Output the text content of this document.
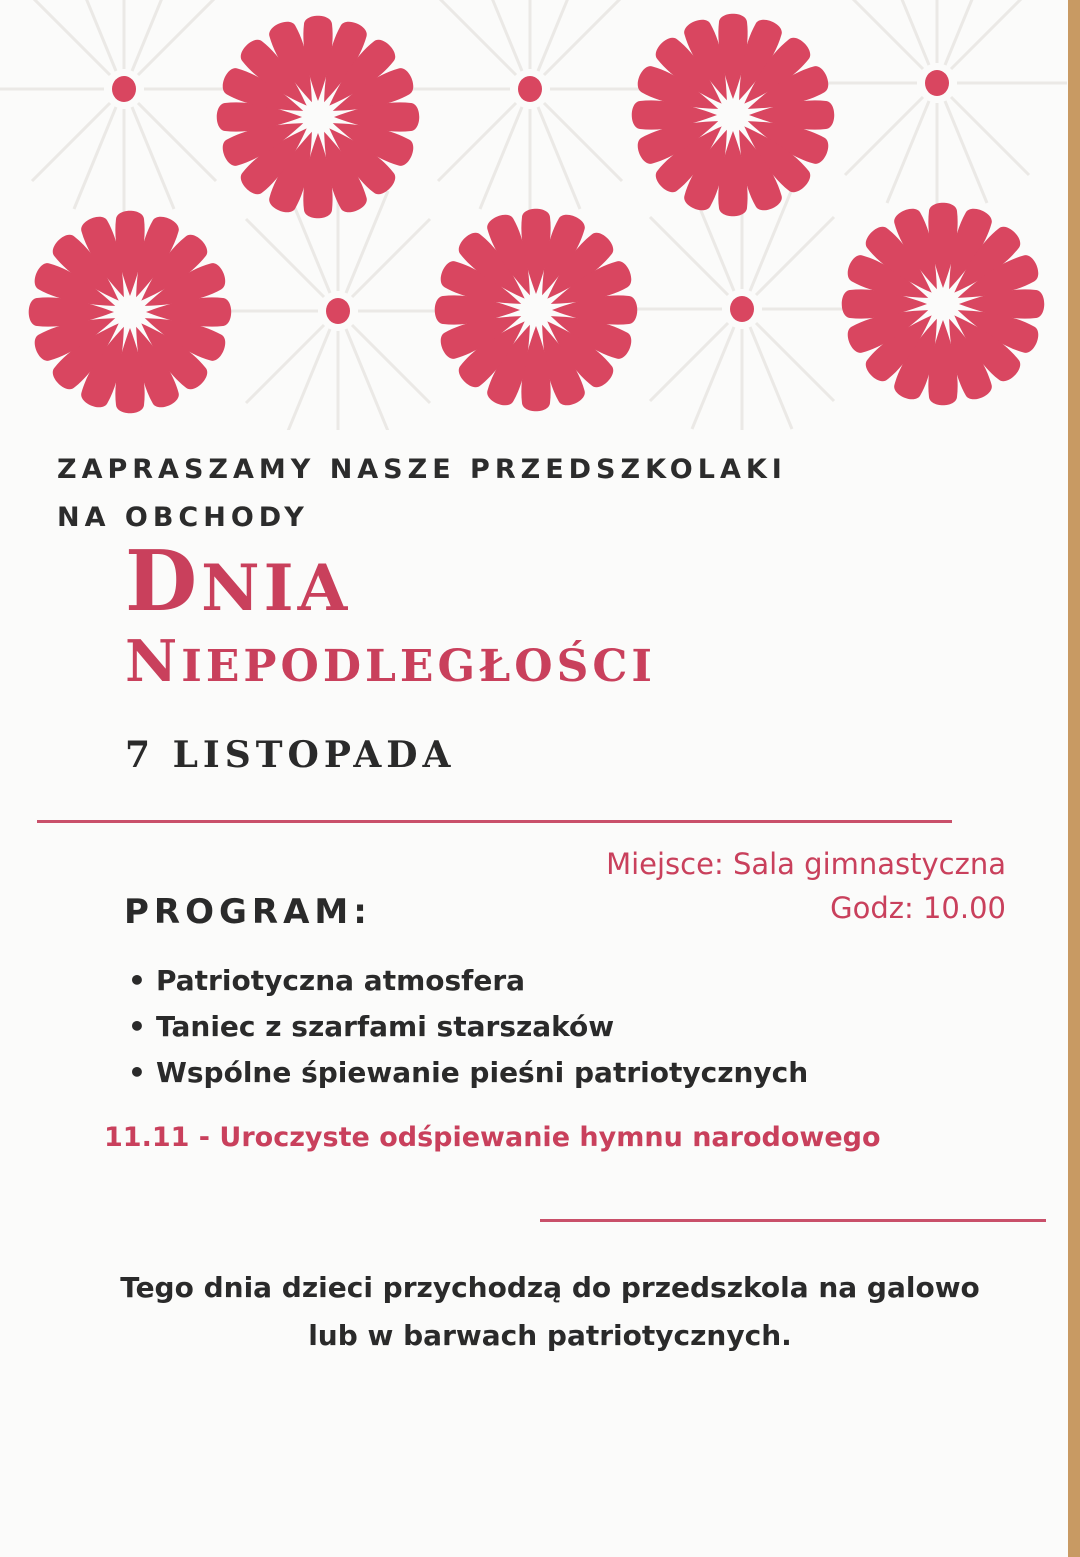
ZAPRASZAMY NASZE PRZEDSZKOLAKI
NA OBCHODY

DNIA
NIEPODLEGŁOŚCI

7 LISTOPADA

Miejsce: Sala gimnastyczna
Godz: 10.00

PROGRAM:
• Patriotyczna atmosfera
• Taniec z szarfami starszaków
• Wspólne śpiewanie pieśni patriotycznych

11.11 - Uroczyste odśpiewanie hymnu narodowego

Tego dnia dzieci przychodzą do przedszkola na galowo
lub w barwach patriotycznych.
